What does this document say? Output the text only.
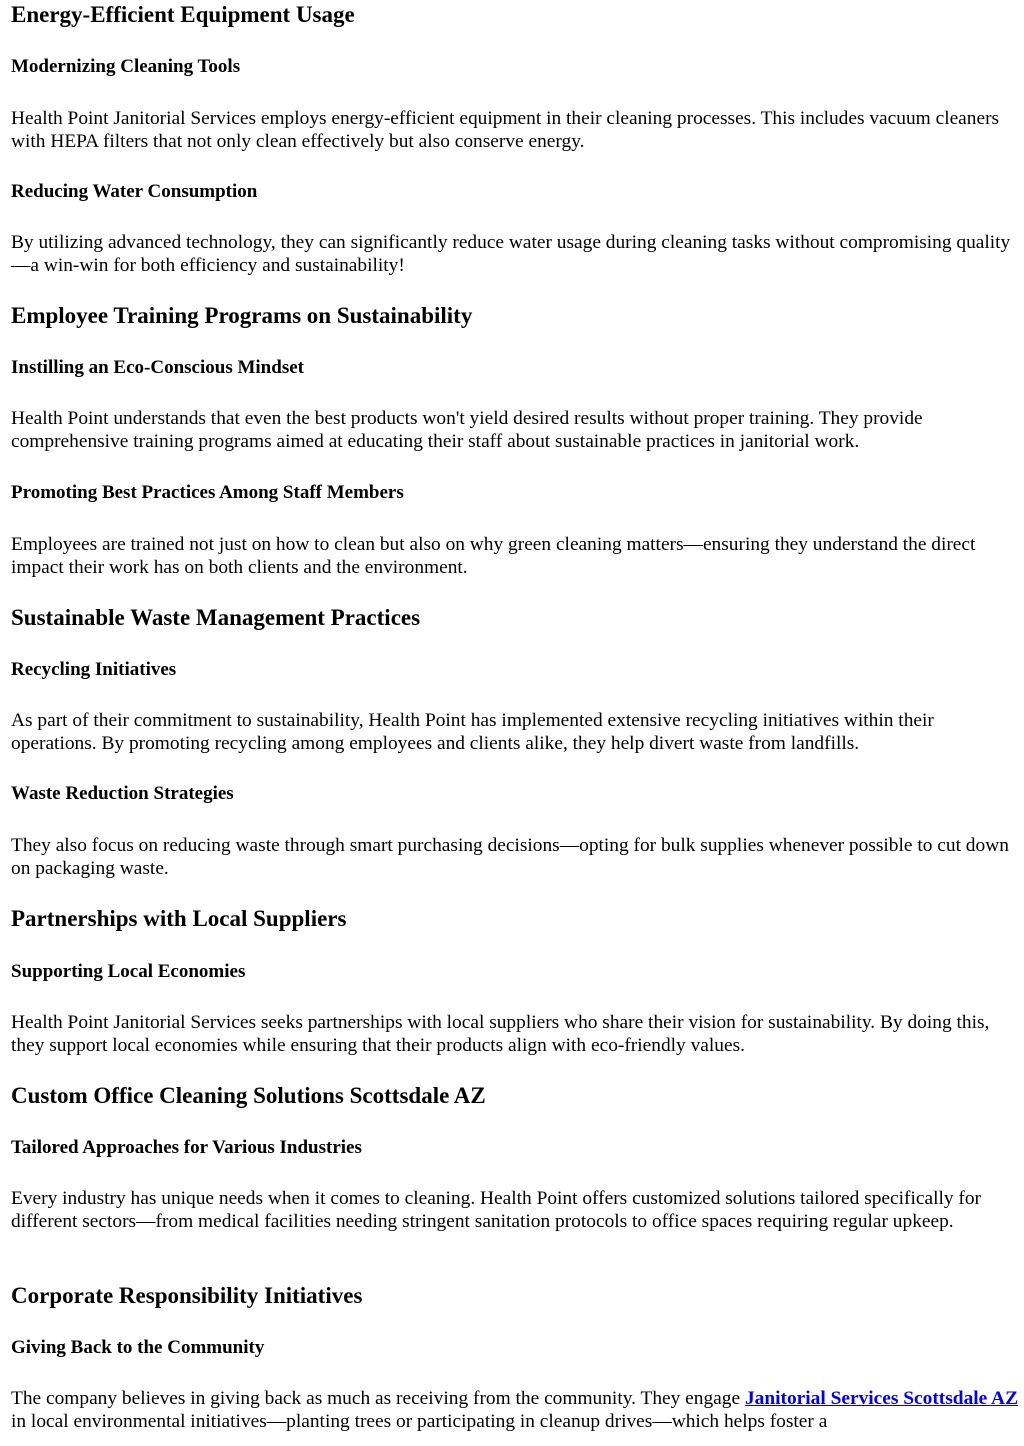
Energy-Efficient Equipment Usage
Modernizing Cleaning Tools

Health Point Janitorial Services employs energy-efficient equipment in their cleaning processes. This includes vacuum cleaners with HEPA filters that not only clean effectively but also conserve energy.

Reducing Water Consumption

By utilizing advanced technology, they can significantly reduce water usage during cleaning tasks without compromising quality—a win-win for both efficiency and sustainability!

Employee Training Programs on Sustainability
Instilling an Eco-Conscious Mindset

Health Point understands that even the best products won't yield desired results without proper training. They provide comprehensive training programs aimed at educating their staff about sustainable practices in janitorial work.

Promoting Best Practices Among Staff Members

Employees are trained not just on how to clean but also on why green cleaning matters—ensuring they understand the direct impact their work has on both clients and the environment.

Sustainable Waste Management Practices
Recycling Initiatives

As part of their commitment to sustainability, Health Point has implemented extensive recycling initiatives within their operations. By promoting recycling among employees and clients alike, they help divert waste from landfills.

Waste Reduction Strategies

They also focus on reducing waste through smart purchasing decisions—opting for bulk supplies whenever possible to cut down on packaging waste.

Partnerships with Local Suppliers
Supporting Local Economies

Health Point Janitorial Services seeks partnerships with local suppliers who share their vision for sustainability. By doing this, they support local economies while ensuring that their products align with eco-friendly values.

Custom Office Cleaning Solutions Scottsdale AZ
Tailored Approaches for Various Industries

Every industry has unique needs when it comes to cleaning. Health Point offers customized solutions tailored specifically for different sectors—from medical facilities needing stringent sanitation protocols to office spaces requiring regular upkeep.

Corporate Responsibility Initiatives
Giving Back to the Community

The company believes in giving back as much as receiving from the community. They engage Janitorial Services Scottsdale AZ in local environmental initiatives—planting trees or participating in cleanup drives—which helps foster a
